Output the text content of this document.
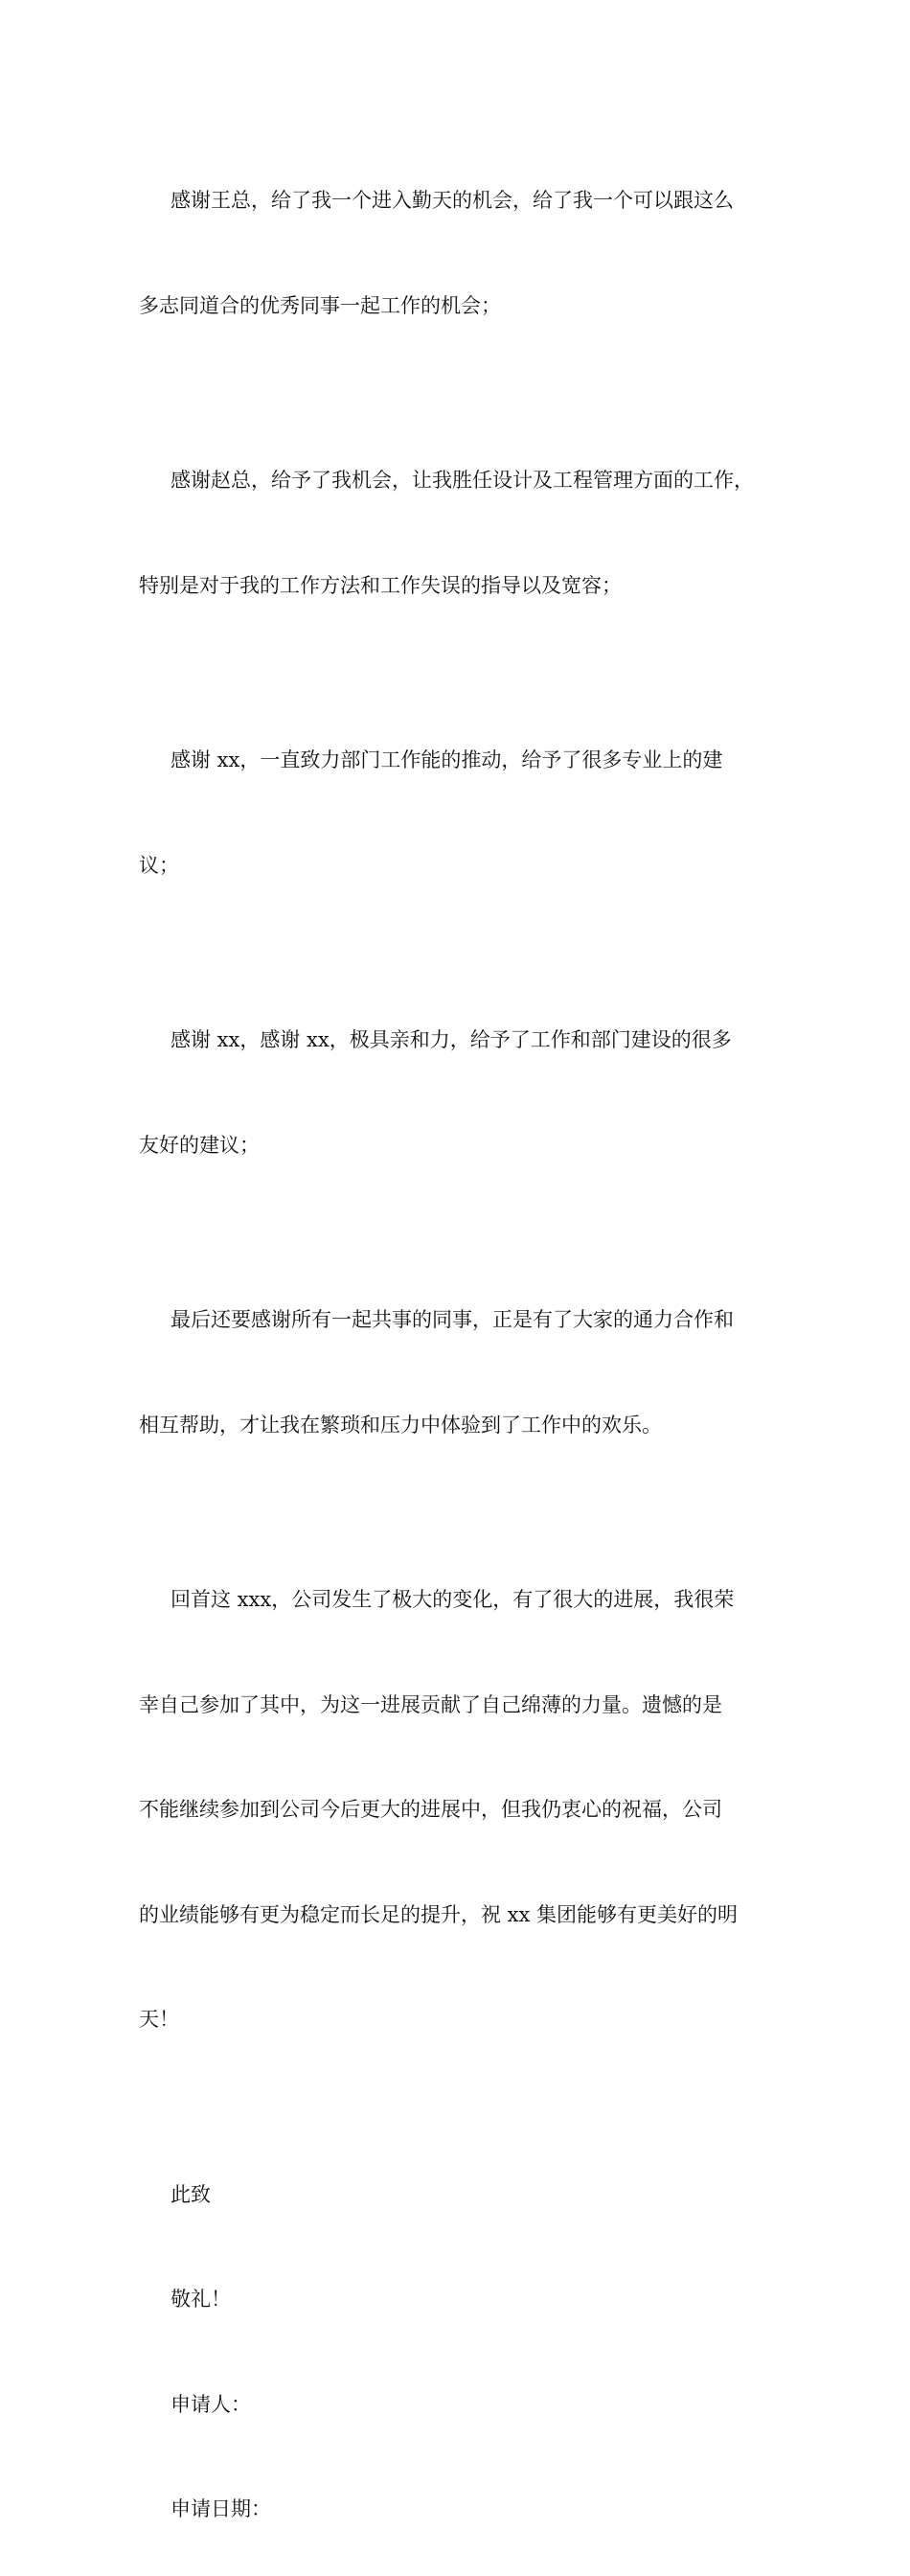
感谢王总，给了我一个进入勤天的机会，给了我一个可以跟这么

多志同道合的优秀同事一起工作的机会；

感谢赵总，给予了我机会，让我胜任设计及工程管理方面的工作，

特别是对于我的工作方法和工作失误的指导以及宽容；

感谢 xx，一直致力部门工作能的推动，给予了很多专业上的建

议；

感谢 xx，感谢 xx，极具亲和力，给予了工作和部门建设的很多

友好的建议；

最后还要感谢所有一起共事的同事，正是有了大家的通力合作和

相互帮助，才让我在繁琐和压力中体验到了工作中的欢乐。

回首这 xxx，公司发生了极大的变化，有了很大的进展，我很荣

幸自己参加了其中，为这一进展贡献了自己绵薄的力量。遗憾的是

不能继续参加到公司今后更大的进展中，但我仍衷心的祝福，公司

的业绩能够有更为稳定而长足的提升，祝 xx 集团能够有更美好的明

天！

此致

敬礼！

申请人：

申请日期：
